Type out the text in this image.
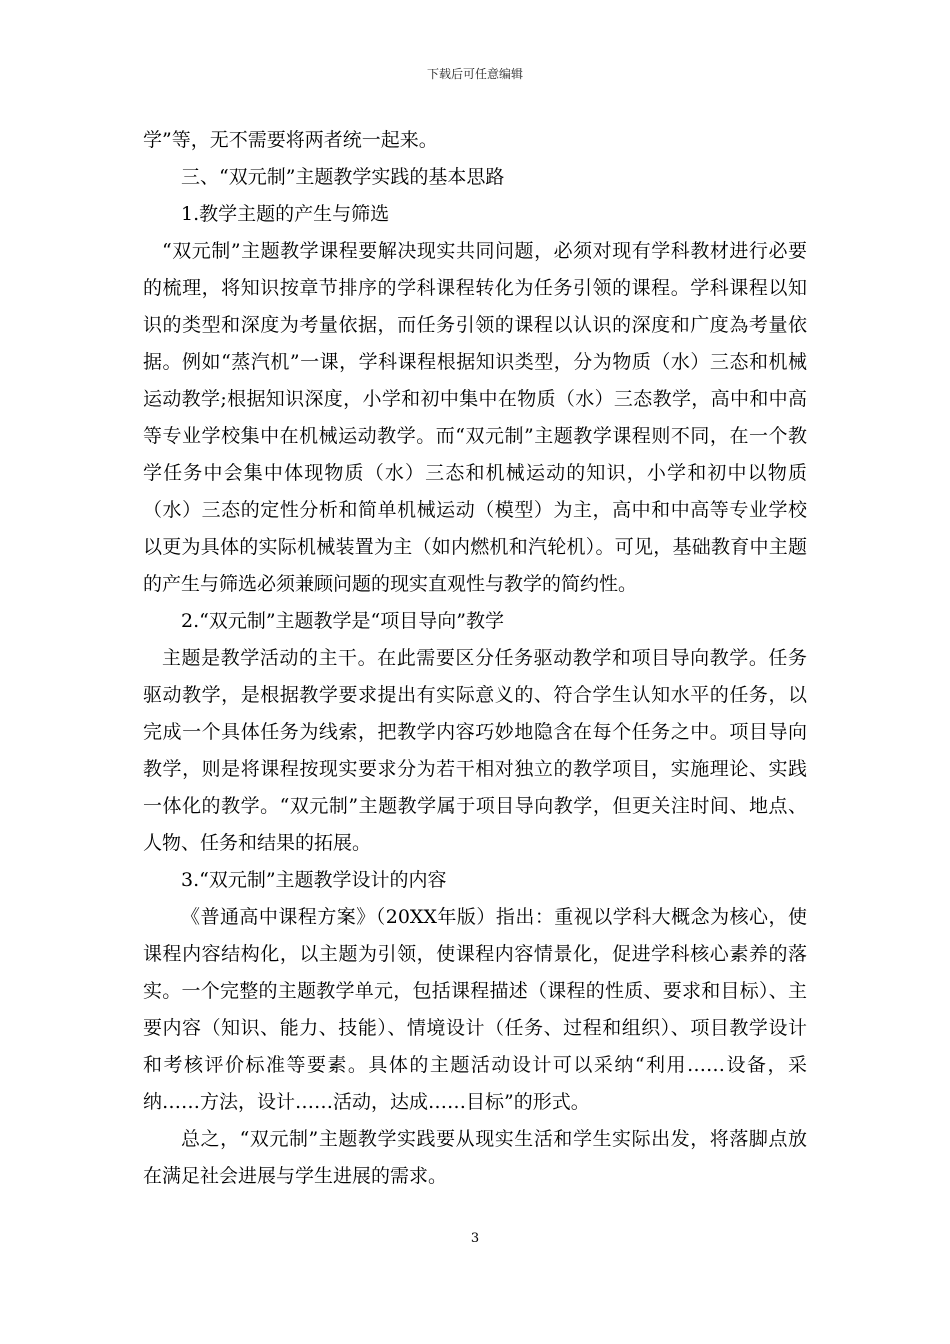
下载后可任意编辑

学”等，无不需要将两者统一起来。

三、“双元制”主题教学实践的基本思路

1.教学主题的产生与筛选

“双元制”主题教学课程要解决现实共同问题，必须对现有学科教材进行必要的梳理，将知识按章节排序的学科课程转化为任务引领的课程。学科课程以知识的类型和深度为考量依据，而任务引领的课程以认识的深度和广度為考量依据。例如“蒸汽机”一课，学科课程根据知识类型，分为物质（水）三态和机械运动教学;根据知识深度，小学和初中集中在物质（水）三态教学，高中和中高等专业学校集中在机械运动教学。而“双元制”主题教学课程则不同，在一个教学任务中会集中体现物质（水）三态和机械运动的知识，小学和初中以物质（水）三态的定性分析和简单机械运动（模型）为主，高中和中高等专业学校以更为具体的实际机械装置为主（如内燃机和汽轮机）。可见，基础教育中主题的产生与筛选必须兼顾问题的现实直观性与教学的简约性。

2.“双元制”主题教学是“项目导向”教学

主题是教学活动的主干。在此需要区分任务驱动教学和项目导向教学。任务驱动教学，是根据教学要求提出有实际意义的、符合学生认知水平的任务，以完成一个具体任务为线索，把教学内容巧妙地隐含在每个任务之中。项目导向教学，则是将课程按现实要求分为若干相对独立的教学项目，实施理论、实践一体化的教学。“双元制”主题教学属于项目导向教学，但更关注时间、地点、人物、任务和结果的拓展。

3.“双元制”主题教学设计的内容

《普通高中课程方案》（20XX年版）指出：重视以学科大概念为核心，使课程内容结构化，以主题为引领，使课程内容情景化，促进学科核心素养的落实。一个完整的主题教学单元，包括课程描述（课程的性质、要求和目标）、主要内容（知识、能力、技能）、情境设计（任务、过程和组织）、项目教学设计和考核评价标准等要素。具体的主题活动设计可以采纳“利用……设备，采纳……方法，设计……活动，达成……目标”的形式。

总之，“双元制”主题教学实践要从现实生活和学生实际出发，将落脚点放在满足社会进展与学生进展的需求。

3
